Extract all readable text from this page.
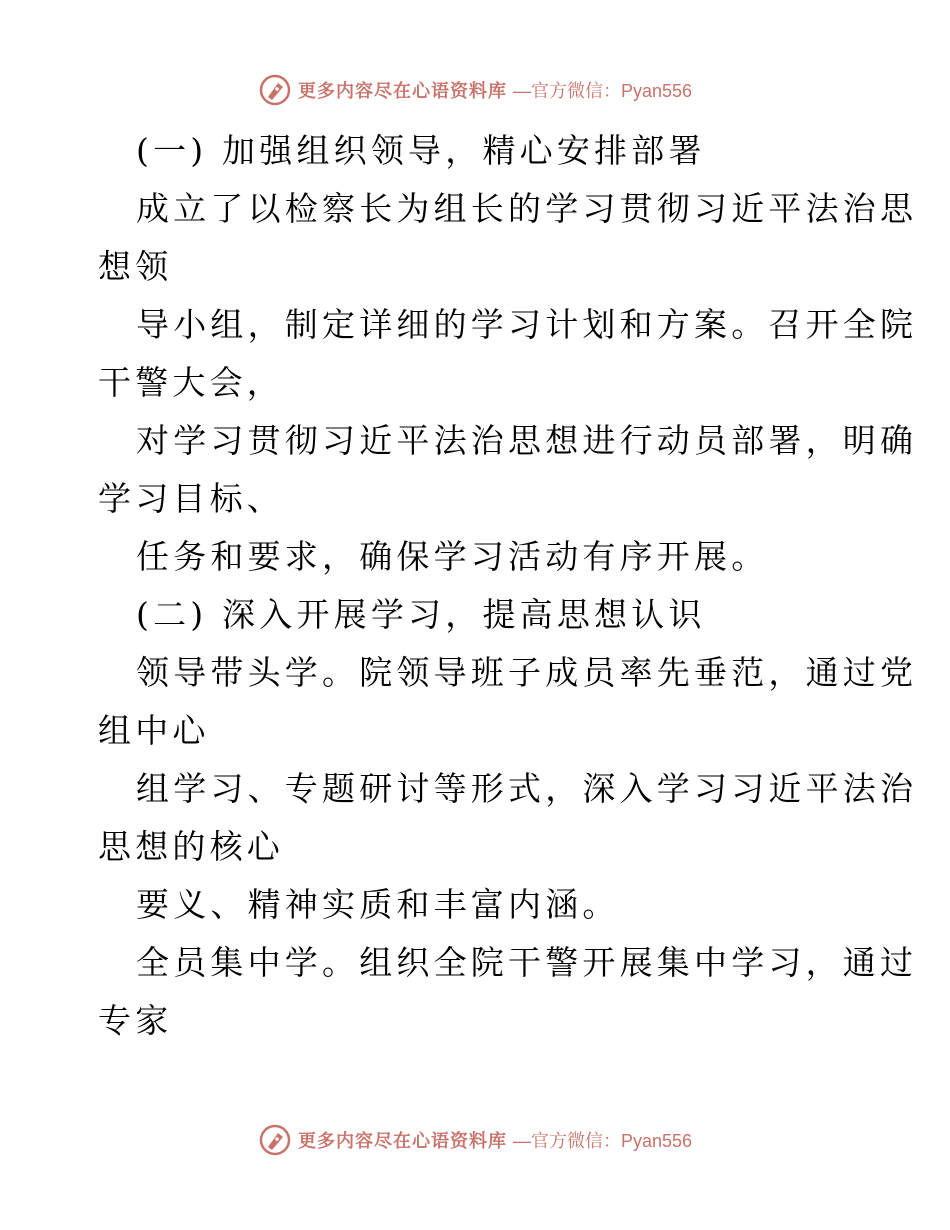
更多内容尽在心语资料库 —官方微信：Pyan556

(一) 加强组织领导，精心安排部署

成立了以检察长为组长的学习贯彻习近平法治思

想领

导小组，制定详细的学习计划和方案。召开全院

干警大会，

对学习贯彻习近平法治思想进行动员部署，明确

学习目标、

任务和要求，确保学习活动有序开展。

(二) 深入开展学习，提高思想认识

领导带头学。院领导班子成员率先垂范，通过党

组中心

组学习、专题研讨等形式，深入学习习近平法治

思想的核心

要义、精神实质和丰富内涵。

全员集中学。组织全院干警开展集中学习，通过

专家

更多内容尽在心语资料库 —官方微信：Pyan556
